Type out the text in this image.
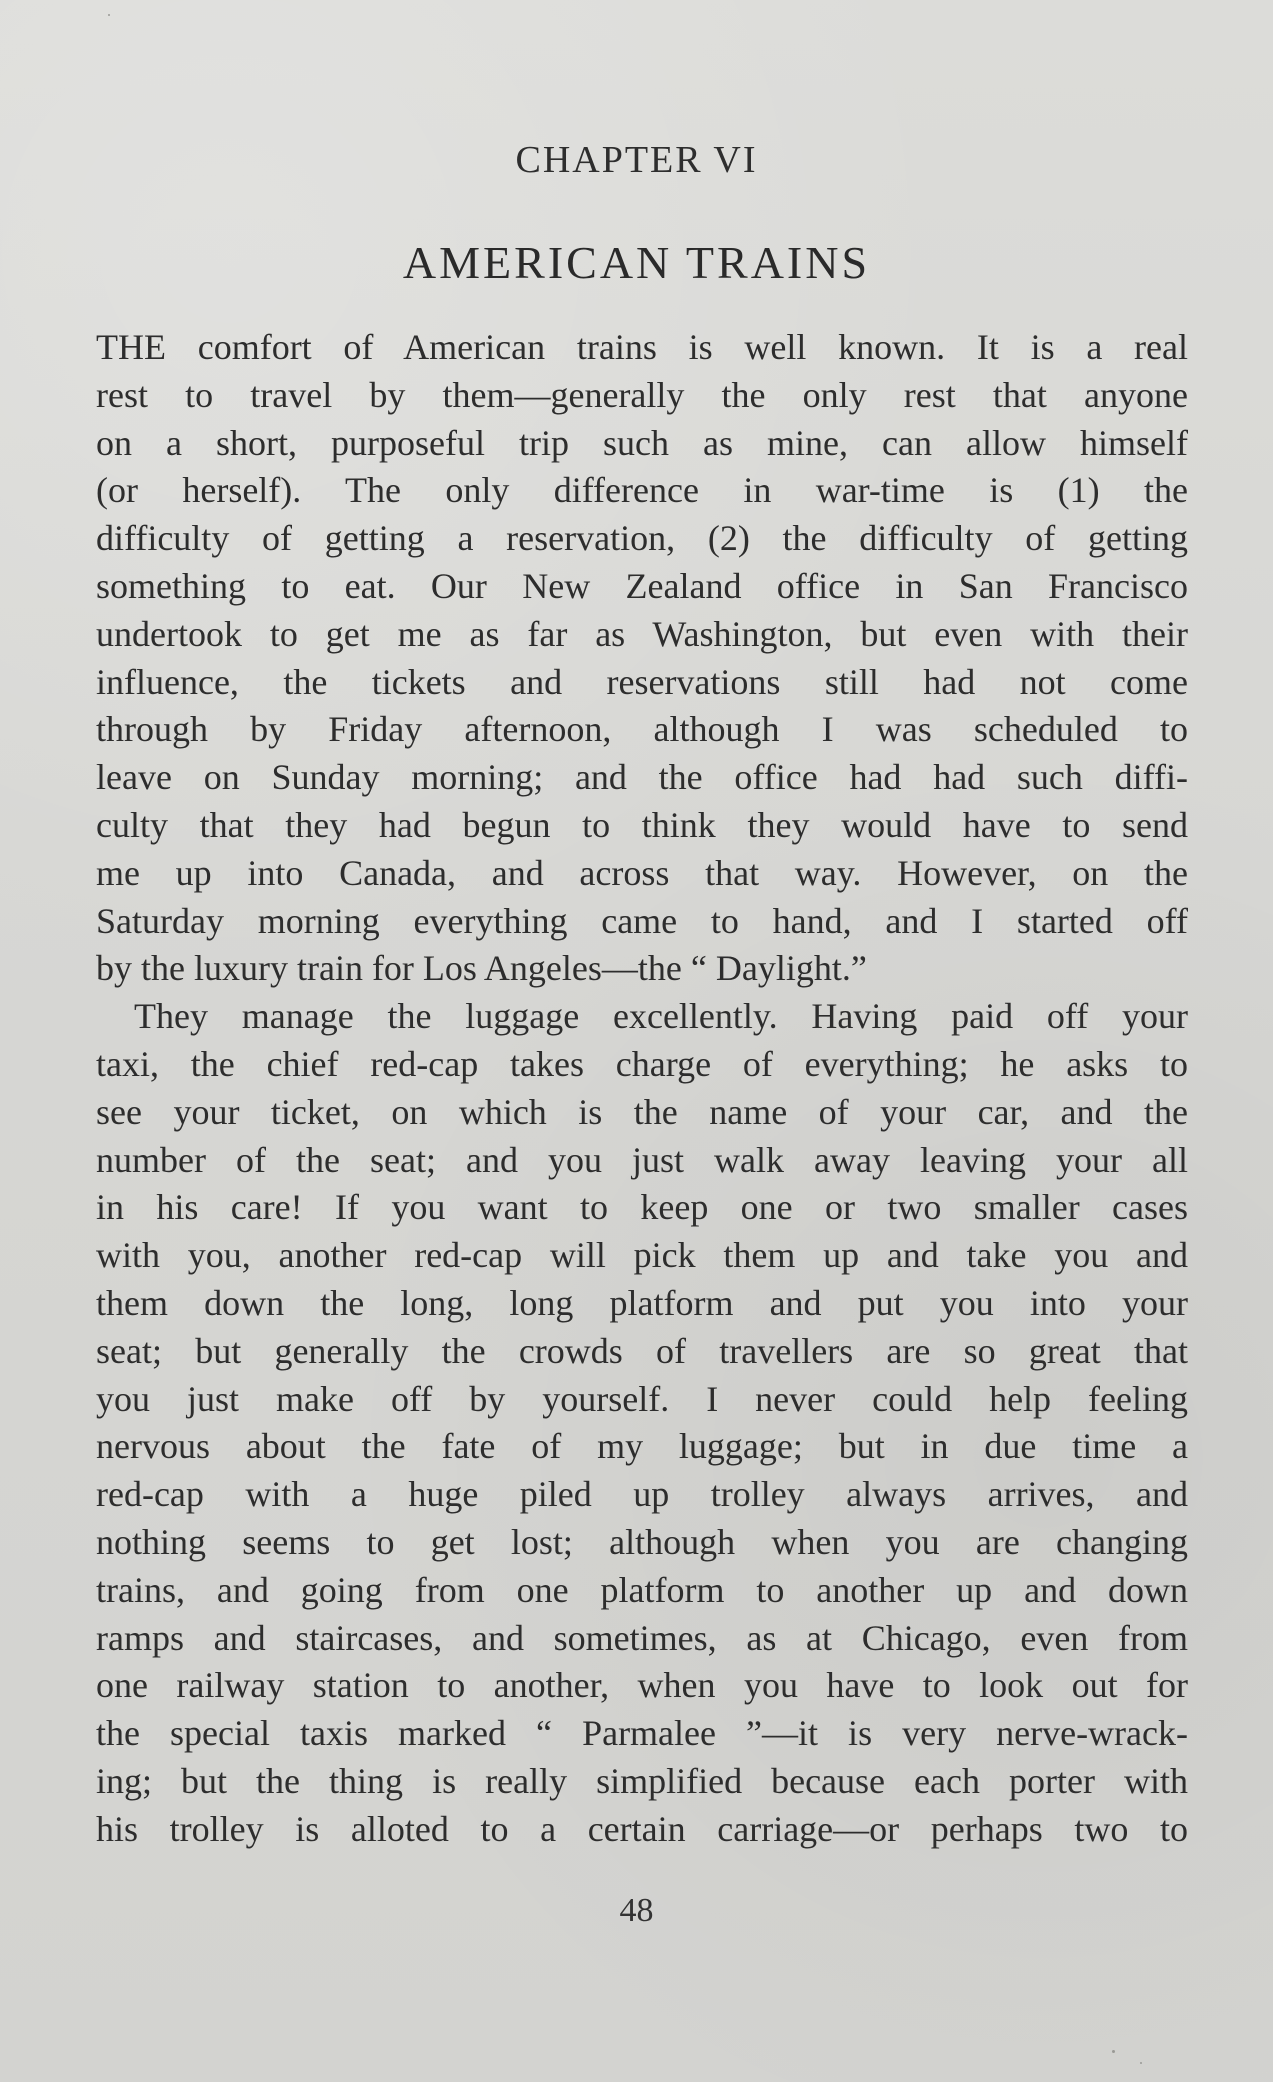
CHAPTER VI
AMERICAN TRAINS
THE comfort of American trains is well known. It is a real
rest to travel by them—generally the only rest that anyone
on a short, purposeful trip such as mine, can allow himself
(or herself). The only difference in war-time is (1) the
difficulty of getting a reservation, (2) the difficulty of getting
something to eat. Our New Zealand office in San Francisco
undertook to get me as far as Washington, but even with their
influence, the tickets and reservations still had not come
through by Friday afternoon, although I was scheduled to
leave on Sunday morning; and the office had had such diffi-
culty that they had begun to think they would have to send
me up into Canada, and across that way. However, on the
Saturday morning everything came to hand, and I started off
by the luxury train for Los Angeles—the “ Daylight.”
They manage the luggage excellently. Having paid off your
taxi, the chief red-cap takes charge of everything; he asks to
see your ticket, on which is the name of your car, and the
number of the seat; and you just walk away leaving your all
in his care! If you want to keep one or two smaller cases
with you, another red-cap will pick them up and take you and
them down the long, long platform and put you into your
seat; but generally the crowds of travellers are so great that
you just make off by yourself. I never could help feeling
nervous about the fate of my luggage; but in due time a
red-cap with a huge piled up trolley always arrives, and
nothing seems to get lost; although when you are changing
trains, and going from one platform to another up and down
ramps and staircases, and sometimes, as at Chicago, even from
one railway station to another, when you have to look out for
the special taxis marked “ Parmalee ”—it is very nerve-wrack-
ing; but the thing is really simplified because each porter with
his trolley is alloted to a certain carriage—or perhaps two to
48
